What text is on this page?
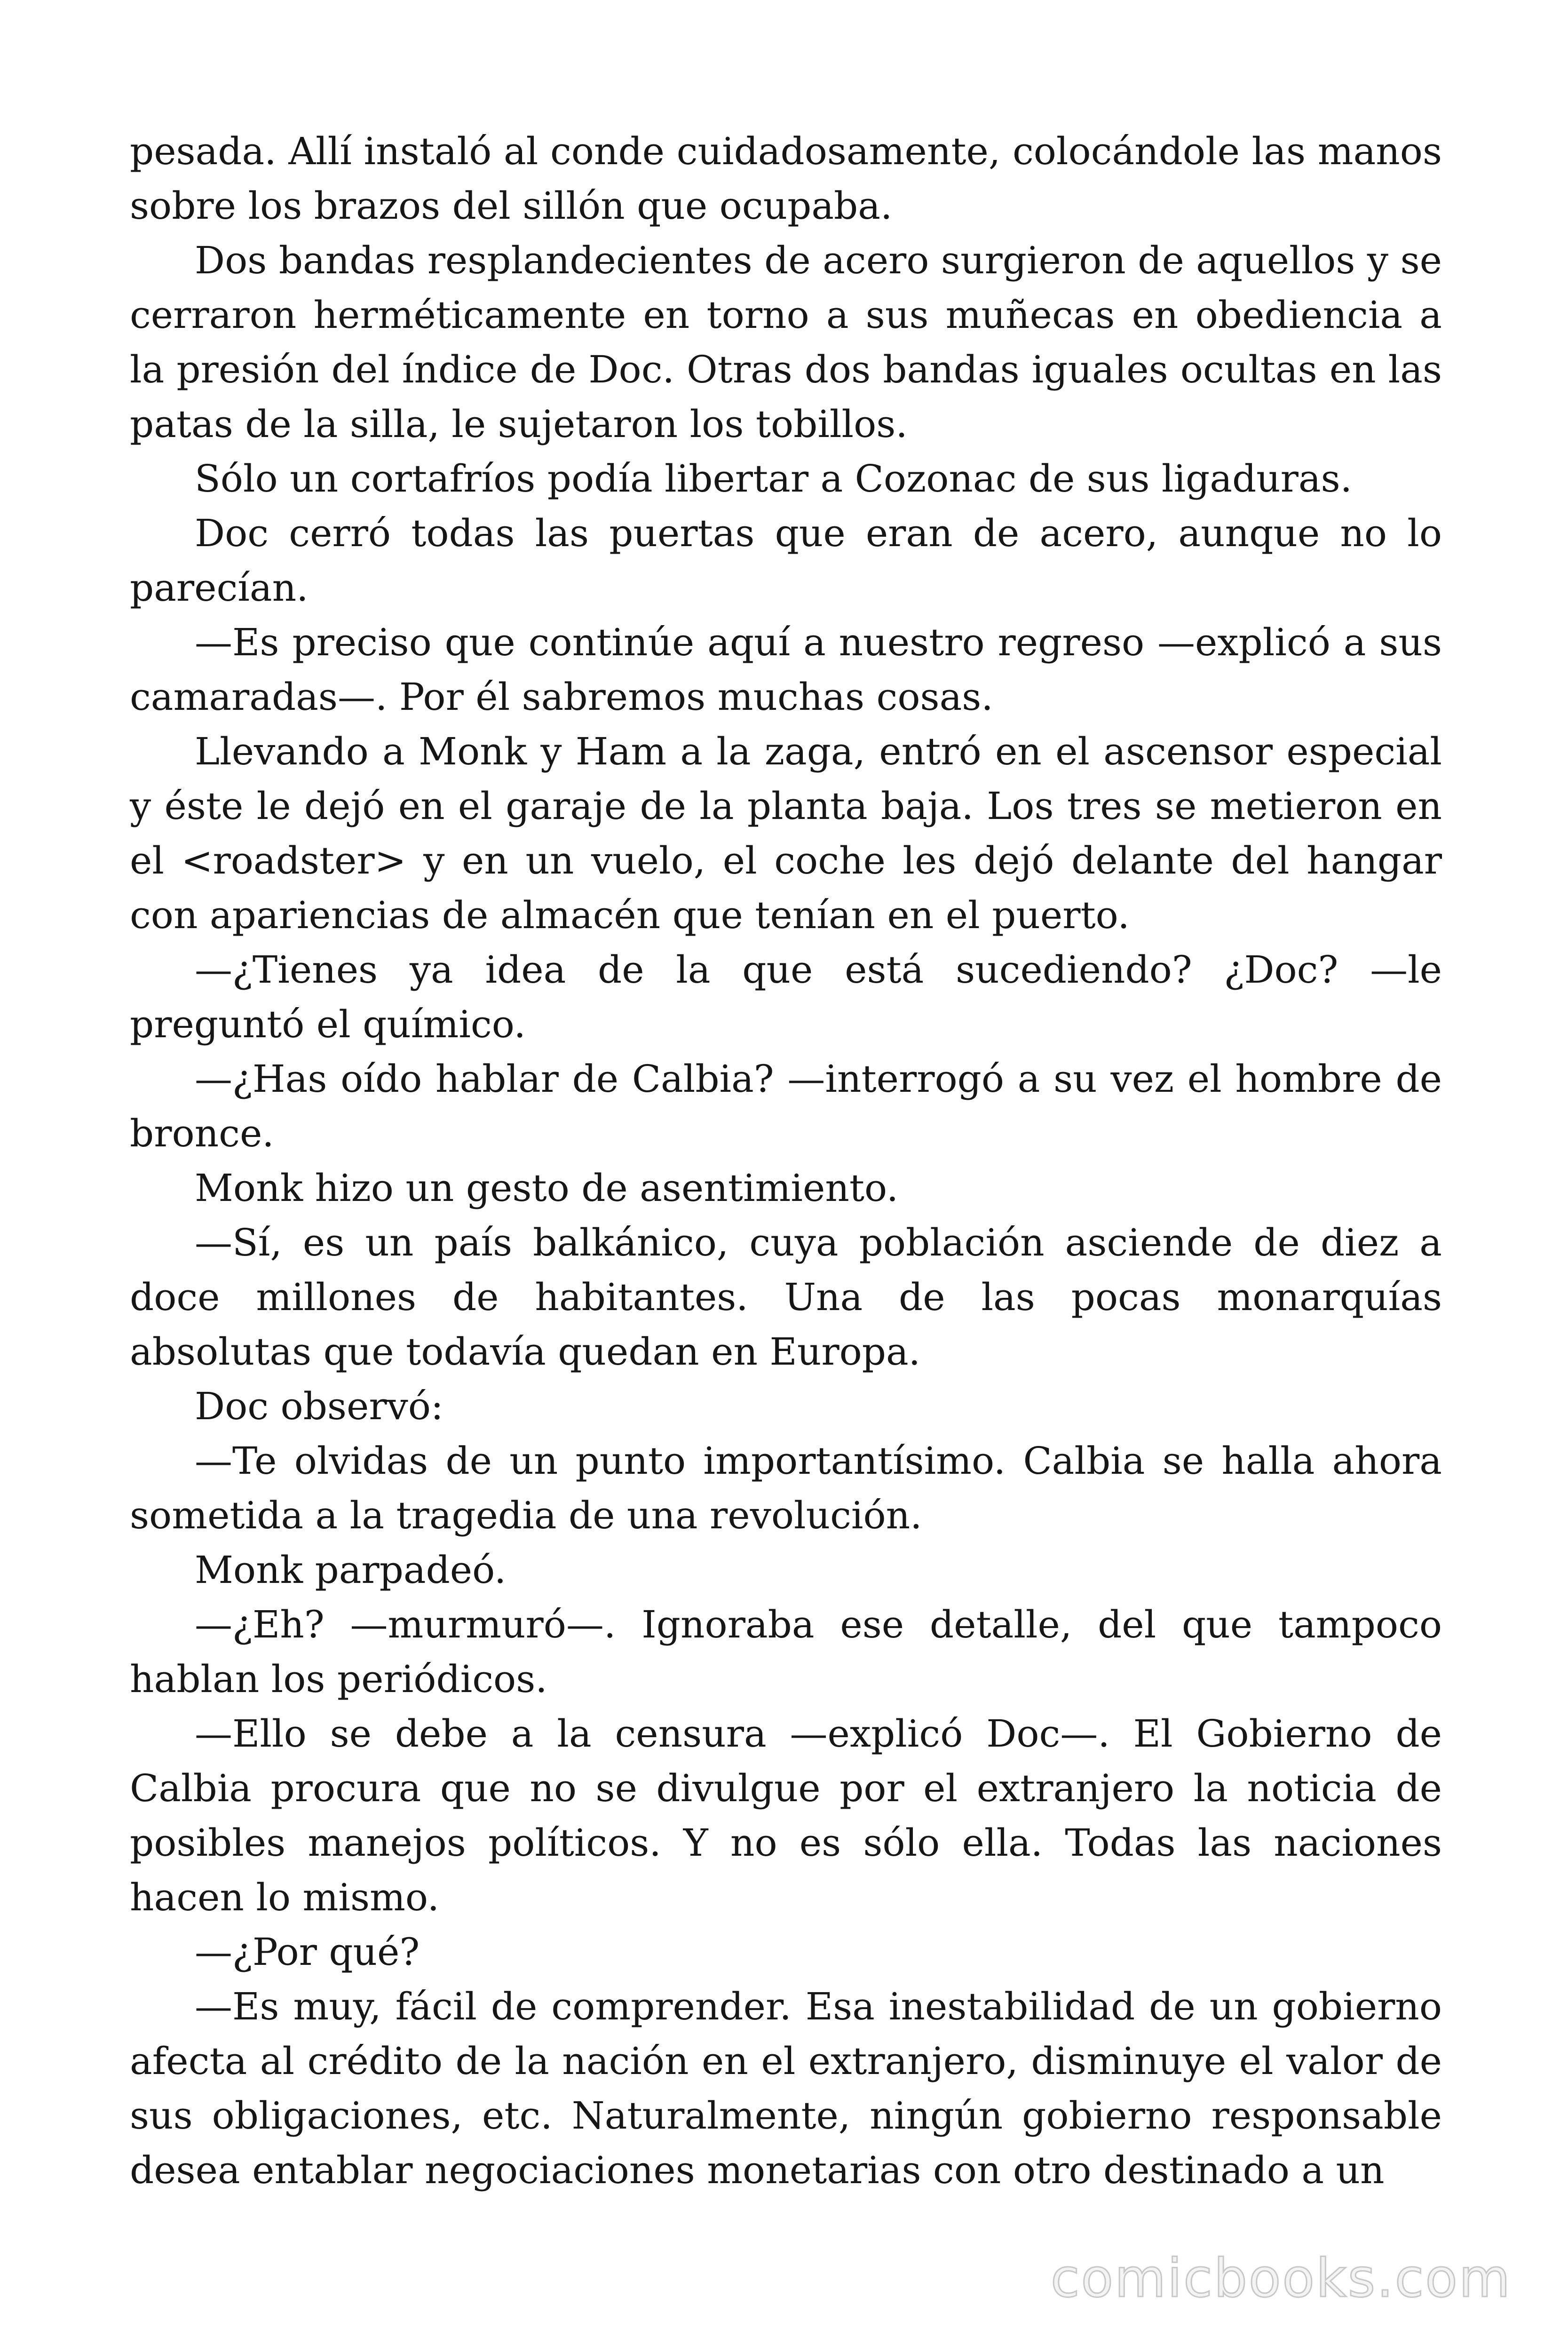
pesada. Allí instaló al conde cuidadosamente, colocándole las manos sobre los brazos del sillón que ocupaba.

Dos bandas resplandecientes de acero surgieron de aquellos y se cerraron herméticamente en torno a sus muñecas en obediencia a la presión del índice de Doc. Otras dos bandas iguales ocultas en las patas de la silla, le sujetaron los tobillos.

Sólo un cortafríos podía libertar a Cozonac de sus ligaduras.

Doc cerró todas las puertas que eran de acero, aunque no lo parecían.

—Es preciso que continúe aquí a nuestro regreso —explicó a sus camaradas—. Por él sabremos muchas cosas.

Llevando a Monk y Ham a la zaga, entró en el ascensor especial y éste le dejó en el garaje de la planta baja. Los tres se metieron en el <roadster> y en un vuelo, el coche les dejó delante del hangar con apariencias de almacén que tenían en el puerto.

—¿Tienes ya idea de la que está sucediendo? ¿Doc? —le preguntó el químico.

—¿Has oído hablar de Calbia? —interrogó a su vez el hombre de bronce.

Monk hizo un gesto de asentimiento.

—Sí, es un país balkánico, cuya población asciende de diez a doce millones de habitantes. Una de las pocas monarquías absolutas que todavía quedan en Europa.

Doc observó:

—Te olvidas de un punto importantísimo. Calbia se halla ahora sometida a la tragedia de una revolución.

Monk parpadeó.

—¿Eh? —murmuró—. Ignoraba ese detalle, del que tampoco hablan los periódicos.

—Ello se debe a la censura —explicó Doc—. El Gobierno de Calbia procura que no se divulgue por el extranjero la noticia de posibles manejos políticos. Y no es sólo ella. Todas las naciones hacen lo mismo.

—¿Por qué?

—Es muy, fácil de comprender. Esa inestabilidad de un gobierno afecta al crédito de la nación en el extranjero, disminuye el valor de sus obligaciones, etc. Naturalmente, ningún gobierno responsable desea entablar negociaciones monetarias con otro destinado a un

comicbooks.com
